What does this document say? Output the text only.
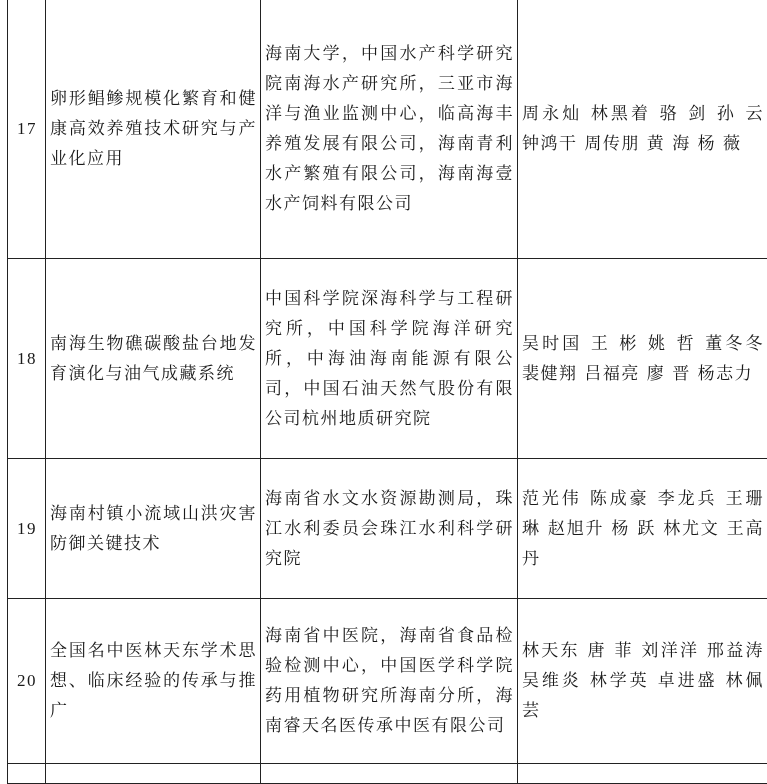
17	卵形鲳鲹规模化繁育和健康高效养殖技术研究与产业化应用	海南大学，中国水产科学研究院南海水产研究所，三亚市海洋与渔业监测中心，临高海丰养殖发展有限公司，海南青利水产繁殖有限公司，海南海壹水产饲料有限公司	周永灿 林黑着 骆 剑 孙 云 钟鸿干 周传朋 黄 海 杨 薇

18	南海生物礁碳酸盐台地发育演化与油气成藏系统	中国科学院深海科学与工程研究所，中国科学院海洋研究所，中海油海南能源有限公司，中国石油天然气股份有限公司杭州地质研究院	吴时国 王 彬 姚 哲 董冬冬 裴健翔 吕福亮 廖 晋 杨志力

19	海南村镇小流域山洪灾害防御关键技术	海南省水文水资源勘测局，珠江水利委员会珠江水利科学研究院	范光伟 陈成豪 李龙兵 王珊琳 赵旭升 杨 跃 林尤文 王高丹

20	全国名中医林天东学术思想、临床经验的传承与推广	海南省中医院，海南省食品检验检测中心，中国医学科学院药用植物研究所海南分所，海南睿天名医传承中医有限公司	林天东 唐 菲 刘洋洋 邢益涛 吴维炎 林学英 卓进盛 林佩芸
